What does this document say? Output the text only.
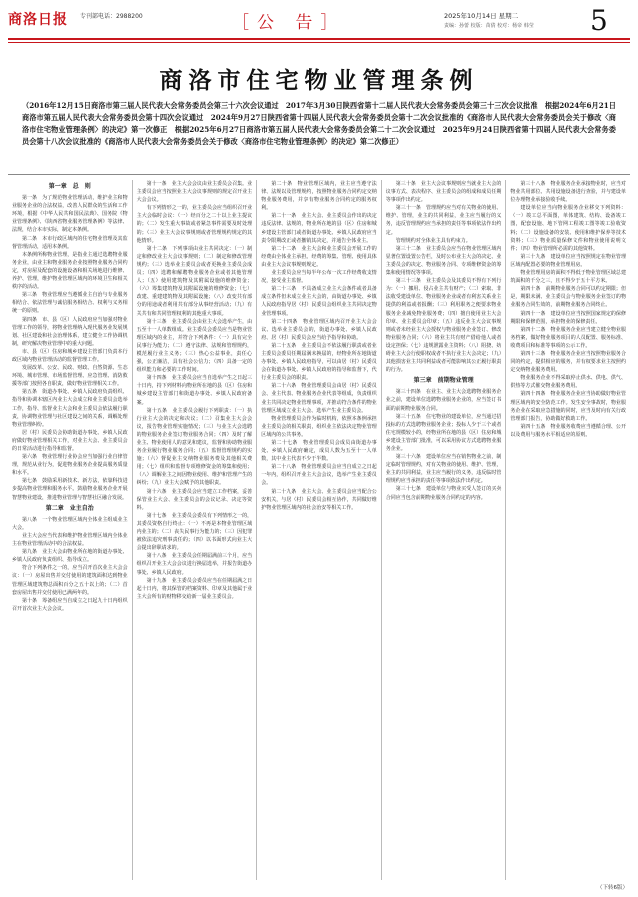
商洛日报 专刊部电话：2988200	［公 告］	2025年10月14日 星期二
责编：孙蕾 校版：苗倩 校对：杨帝 韩莹 5
商洛市住宅物业管理条例
（2016年12月15日商洛市第三届人民代表大会常务委员会第三十六次会议通过　2017年3月30日陕西省第十二届人民代表大会常务委员会第三十三次会议批准　根据2024年6月21日商洛市第五届人民代表大会常务委员会第十四次会议通过　2024年9月27日陕西省第十四届人民代表大会常务委员会第十二次会议批准的《商洛市人民代表大会常务委员会关于修改〈商洛市住宅物业管理条例〉的决定》第一次修正　根据2025年6月27日商洛市第五届人民代表大会常务委员会第二十二次会议通过　2025年9月24日陕西省第十四届人民代表大会常务委员会第十八次会议批准的《商洛市人民代表大会常务委员会关于修改〈商洛市住宅物业管理条例〉的决定》第二次修正）
第一章　总　则
第一条　为了规范物业管理活动，维护业主和物业服务企业的合法权益，改善人民群众的生活和工作环境，根据《中华人民共和国民法典》、国务院《物业管理条例》、《陕西省物业服务管理条例》等法律、法规，结合本市实际，制定本条例。
第二条　本市行政区域内的住宅物业管理及其监督管理活动，适用本条例。
本条例所称物业管理，是指业主通过选聘物业服务企业，由业主和物业服务企业按照物业服务合同约定，对房屋及配套的设施设备和相关场地进行维修、养护、管理，维护物业管理区域内的环境卫生和相关秩序的活动。
第三条　物业管理应当遵循业主自治与专业服务相结合、依法管理与诚信服务相结合、权利与义务相统一的原则。
第四条　市、县（区）人民政府应当加强对物业管理工作的领导，将物业管理纳入现代服务业发展规划、社区建设和社会治理体系，建立健全工作协调机制，研究解决物业管理中的重大问题。
市、县（区）住房和城乡建设主管部门负责本行政区域内物业管理活动的监督管理工作。
发展改革、公安、民政、财政、自然资源、生态环境、城市管理、市场监督管理、应急管理、消防救援等部门按照各自职责，做好物业管理相关工作。
第五条　街道办事处、乡镇人民政府负责组织、指导和协调本辖区内业主大会成立和业主委员会选举工作，指导、监督业主大会和业主委员会依法履行职责，协调物业管理与社区建设之间的关系，调解处理物业管理纠纷。
居（村）民委员会协助街道办事处、乡镇人民政府做好物业管理相关工作，对业主大会、业主委员会的日常活动进行指导和监督。
第六条　物业管理行业协会应当加强行业自律管理，规范从业行为，促进物业服务企业提高服务质量和水平。
第七条　鼓励采用新技术、新方法，依靠科技进步提高物业管理和服务水平。鼓励物业服务企业开展智慧物业建设，推进物业管理与智慧社区融合发展。
第二章　业主自治
第八条　一个物业管理区域内全体业主组成业主大会。
业主大会应当代表和维护物业管理区域内全体业主在物业管理活动中的合法权益。
第九条　业主大会由物业所在地的街道办事处、乡镇人民政府负责组织、指导成立。
符合下列条件之一的，应当召开首次业主大会会议：（一）房屋出售并交付使用的建筑面积达到物业管理区域建筑物总面积百分之五十以上的；（二）首套房屋出售并交付使用已满两年的。
第十条　筹备组应当自成立之日起九十日内组织召开首次业主大会会议。
第十一条　业主大会会议由业主委员会召集。业主委员会应当按照业主大会议事规则的规定召开业主大会会议。
有下列情形之一的，业主委员会应当组织召开业主大会临时会议：（一）经百分之二十以上业主提议的；（二）发生重大事故或者紧急事件需要及时处理的；（三）业主大会议事规则或者管理规约规定的其他情形。
第十二条　下列事项由业主共同决定：（一）制定和修改业主大会议事规则；（二）制定和修改管理规约；（三）选举业主委员会或者更换业主委员会成员；（四）选聘和解聘物业服务企业或者其他管理人；（五）使用建筑物及其附属设施的维修资金；（六）筹集建筑物及其附属设施的维修资金；（七）改建、重建建筑物及其附属设施；（八）改变共有部分的用途或者利用共有部分从事经营活动；（九）有关共有和共同管理权利的其他重大事项。
第十三条　业主委员会由业主大会选举产生，由五至十一人单数组成。业主委员会委员应当是物业管理区域内的业主，并符合下列条件：（一）具有完全民事行为能力；（二）遵守法律、法规和管理规约，模范履行业主义务；（三）热心公益事业，责任心强，公正廉洁，具有社会公信力；（四）具备一定的组织能力和必要的工作时间。
第十四条　业主委员会应当自选举产生之日起三十日内，持下列材料向物业所在地的县（区）住房和城乡建设主管部门和街道办事处、乡镇人民政府备案。
第十五条　业主委员会履行下列职责：（一）执行业主大会的决定和决议；（二）召集业主大会会议，报告物业管理实施情况；（三）与业主大会选聘的物业服务企业签订物业服务合同；（四）及时了解业主、物业使用人的意见和建议，监督和协助物业服务企业履行物业服务合同；（五）监督管理规约的实施；（六）督促业主交纳物业服务费及其他相关费用；（七）组织和监督专项维修资金的筹集和使用；（八）调解业主之间因物业使用、维护和管理产生的纠纷；（九）业主大会赋予的其他职责。
第十六条　业主委员会应当建立工作档案，妥善保管业主大会、业主委员会的会议记录、决定等资料。
第十七条　业主委员会委员有下列情形之一的，其委员资格自行终止：（一）不再是本物业管理区域内业主的；（二）丧失民事行为能力的；（三）因犯罪被依法追究刑事责任的；（四）以书面形式向业主大会提出辞职请求的。
第十八条　业主委员会任期届满前三个月，应当组织召开业主大会会议进行换届选举，并报告街道办事处、乡镇人民政府。
第十九条　业主委员会委员应当在任期届满之日起十日内，将其保管的档案资料、印章及其他属于业主大会所有的财物移交给新一届业主委员会。
第二十条　物业管理区域内，业主应当遵守法律、法规以及管理规约，按照物业服务合同约定交纳物业服务费用，并享有物业服务合同约定的服务权利。
第二十一条　业主大会、业主委员会作出的决定违反法律、法规的，物业所在地的县（区）住房和城乡建设主管部门或者街道办事处、乡镇人民政府应当责令限期改正或者撤销其决定，并通告全体业主。
第二十二条　业主大会和业主委员会开展工作的经费由全体业主承担。经费的筹集、管理、使用具体由业主大会议事规则规定。
业主委员会应当每半年公布一次工作经费收支情况，接受业主监督。
第二十三条　不具备成立业主大会条件或者具备成立条件但未成立业主大会的，由街道办事处、乡镇人民政府指导居（村）民委员会组织业主共同决定物业管理事项。
第二十四条　物业管理区域内召开业主大会会议、选举业主委员会的，街道办事处、乡镇人民政府、居（村）民委员会应当给予指导和协助。
第二十五条　业主委员会不依法履行职责或者业主委员会委员任期届满未换届的，经物业所在地街道办事处、乡镇人民政府指导，可以由居（村）民委员会在街道办事处、乡镇人民政府的指导和监督下，代行业主委员会的职责。
第二十六条　物业管理委员会由居（村）民委员会、业主代表、物业服务企业代表等组成，负责组织业主共同决定物业管理事项，并推动符合条件的物业管理区域成立业主大会、选举产生业主委员会。
物业管理委员会作为临时机构，依照本条例承担业主委员会的相关职责，组织业主依法决定物业管理区域内的公共事务。
第二十七条　物业管理委员会成员由街道办事处、乡镇人民政府确定，成员人数为五至十一人单数，其中业主代表不少于半数。
第二十八条　物业管理委员会应当自成立之日起一年内，组织召开业主大会会议，选举产生业主委员会。
第二十九条　业主大会、业主委员会应当配合公安机关，与居（村）民委员会相互协作，共同做好维护物业管理区域内的社会治安等相关工作。
第三十条　业主大会议事规则应当就业主大会的议事方式、表决程序、业主委员会的组成和成员任期等事项作出约定。
第三十一条　管理规约应当对有关物业的使用、维护、管理，业主的共同利益，业主应当履行的义务，违反管理规约应当承担的责任等事项依法作出约定。
管理规约对全体业主具有约束力。
第三十二条　业主委员会应当在物业管理区域内显著位置设置公告栏，及时公布业主大会的决定、业主委员会的决定、物业服务合同、专项维修资金的筹集和使用情况等事项。
第三十三条　业主委员会及其委员不得有下列行为：（一）挪用、侵占业主共有财产；（二）索取、非法收受建设单位、物业服务企业或者有利害关系业主提供的利益或者报酬；（三）利用职务之便要求物业服务企业减免物业服务费；（四）擅自使用业主大会印章、业主委员会印章；（五）违反业主大会议事规则或者未经业主大会授权与物业服务企业签订、修改物业服务合同；（六）将业主共有财产借给他人或者设定担保；（七）违规泄露业主资料；（八）阻挠、妨碍业主大会行使职权或者不执行业主大会决定；（九）其他损害业主共同利益或者可能影响其公正履行职责的行为。
第三章　前期物业管理
第三十四条　在业主、业主大会选聘物业服务企业之前，建设单位选聘物业服务企业的，应当签订书面的前期物业服务合同。
第三十五条　住宅物业的建设单位，应当通过招投标的方式选聘物业服务企业；投标人少于三个或者住宅规模较小的，经物业所在地的县（区）住房和城乡建设主管部门批准，可以采用协议方式选聘物业服务企业。
第三十六条　建设单位应当在销售物业之前，制定临时管理规约，对有关物业的使用、维护、管理，业主的共同利益，业主应当履行的义务，违反临时管理规约应当承担的责任等事项依法作出约定。
第三十七条　建设单位与物业买受人签订的买卖合同应当包含前期物业服务合同约定的内容。
第三十八条　物业服务企业承接物业时，应当对物业共用部位、共用设施设备进行查验，并与建设单位办理物业承接验收手续。
建设单位应当向物业服务企业移交下列资料：（一）竣工总平面图，单体建筑、结构、设备竣工图，配套设施、地下管网工程竣工图等竣工验收资料；（二）设施设备的安装、使用和维护保养等技术资料；（三）物业质量保修文件和物业使用说明文件；（四）物业管理所必需的其他资料。
第三十九条　建设单位应当按照规定在物业管理区域内配置必要的物业管理用房。
物业管理用房的面积不得低于物业管理区域总建筑面积的千分之三，且不得少于五十平方米。
第四十条　前期物业服务合同可以约定期限；但是，期限未满、业主委员会与物业服务企业签订的物业服务合同生效的，前期物业服务合同终止。
第四十一条　建设单位应当按照国家规定的保修期限和保修范围，承担物业的保修责任。
第四十二条　物业服务企业应当建立健全物业服务档案，做好物业服务项目的人员配置、服务标准、收费项目和标准等事项的公示工作。
第四十三条　物业服务企业应当按照物业服务合同的约定，提供相应的服务，并有权要求业主按照约定交纳物业服务费用。
物业服务企业不得采取停止供水、供电、供气、供热等方式催交物业服务费用。
第四十四条　物业服务企业应当协助做好物业管理区域内的安全防范工作。发生安全事故时，物业服务企业在采取应急措施的同时，应当及时向有关行政管理部门报告，协助做好救助工作。
第四十五条　物业服务收费应当遵循合理、公开以及费用与服务水平相适应的原则。
（下转6版）
